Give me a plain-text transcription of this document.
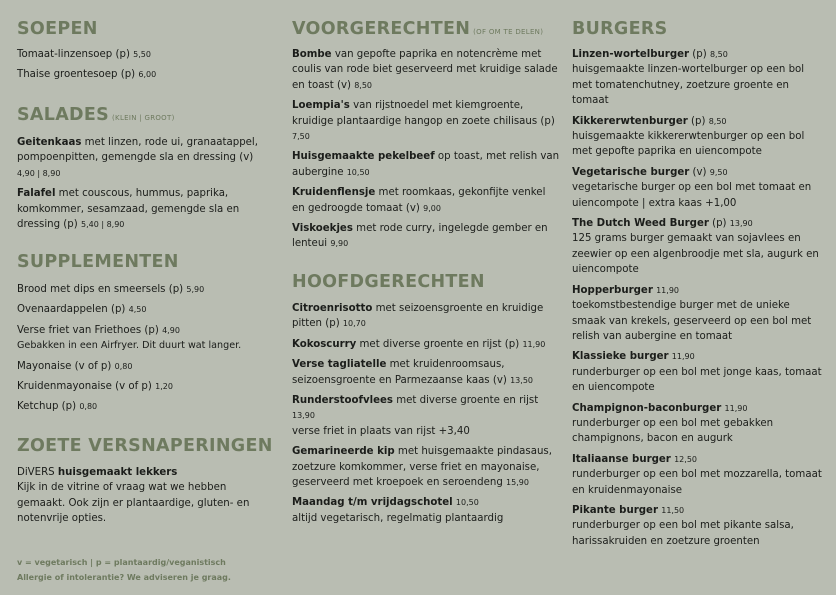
SOEPEN
Tomaat-linzensoep (p) 5,50
Thaise groentesoep (p) 6,00
SALADES (KLEIN | GROOT)
Geitenkaas met linzen, rode ui, granaatappel, pompoenpitten, gemengde sla en dressing (v) 4,90 | 8,90
Falafel met couscous, hummus, paprika, komkommer, sesamzaad, gemengde sla en dressing (p) 5,40 | 8,90
SUPPLEMENTEN
Brood met dips en smeersels (p) 5,90
Ovenaardappelen (p) 4,50
Verse friet van Friethoes (p) 4,90
Gebakken in een Airfryer. Dit duurt wat langer.
Mayonaise (v of p) 0,80
Kruidenmayonaise (v of p) 1,20
Ketchup (p) 0,80
ZOETE VERSNAPERINGEN
DiVERS huisgemaakt lekkers
Kijk in de vitrine of vraag wat we hebben gemaakt. Ook zijn er plantaardige, gluten- en notenvrije opties.
v = vegetarisch | p = plantaardig/veganistisch
Allergie of intolerantie? We adviseren je graag.
VOORGERECHTEN (OF OM TE DELEN)
Bombe van gepofte paprika en notencrème met coulis van rode biet geserveerd met kruidige salade en toast (v) 8,50
Loempia's van rijstnoedel met kiemgroente, kruidige plantaardige hangop en zoete chilisaus (p) 7,50
Huisgemaakte pekelbeef op toast, met relish van aubergine 10,50
Kruidenflensje met roomkaas, gekonfijte venkel en gedroogde tomaat (v) 9,00
Viskoekjes met rode curry, ingelegde gember en lenteui 9,90
HOOFDGERECHTEN
Citroenrisotto met seizoensgroente en kruidige pitten (p) 10,70
Kokoscurry met diverse groente en rijst (p) 11,90
Verse tagliatelle met kruidenroomsaus, seizoensgroente en Parmezaanse kaas (v) 13,50
Runderstoofvlees met diverse groente en rijst 13,90
verse friet in plaats van rijst +3,40
Gemarineerde kip met huisgemaakte pindasaus, zoetzure komkommer, verse friet en mayonaise, geserveerd met kroepoek en seroendeng 15,90
Maandag t/m vrijdagschotel 10,50
altijd vegetarisch, regelmatig plantaardig
BURGERS
Linzen-wortelburger (p) 8,50
huisgemaakte linzen-wortelburger op een bol met tomatenchutney, zoetzure groente en tomaat
Kikkererwtenburger (p) 8,50
huisgemaakte kikkererwtenburger op een bol met gepofte paprika en uiencompote
Vegetarische burger (v) 9,50
vegetarische burger op een bol met tomaat en uiencompote | extra kaas +1,00
The Dutch Weed Burger (p) 13,90
125 grams burger gemaakt van sojavlees en zeewier op een algenbroodje met sla, augurk en uiencompote
Hopperburger 11,90
toekomstbestendige burger met de unieke smaak van krekels, geserveerd op een bol met relish van aubergine en tomaat
Klassieke burger 11,90
runderburger op een bol met jonge kaas, tomaat en uiencompote
Champignon-baconburger 11,90
runderburger op een bol met gebakken champignons, bacon en augurk
Italiaanse burger 12,50
runderburger op een bol met mozzarella, tomaat en kruidenmayonaise
Pikante burger 11,50
runderburger op een bol met pikante salsa, harissakruiden en zoetzure groenten
